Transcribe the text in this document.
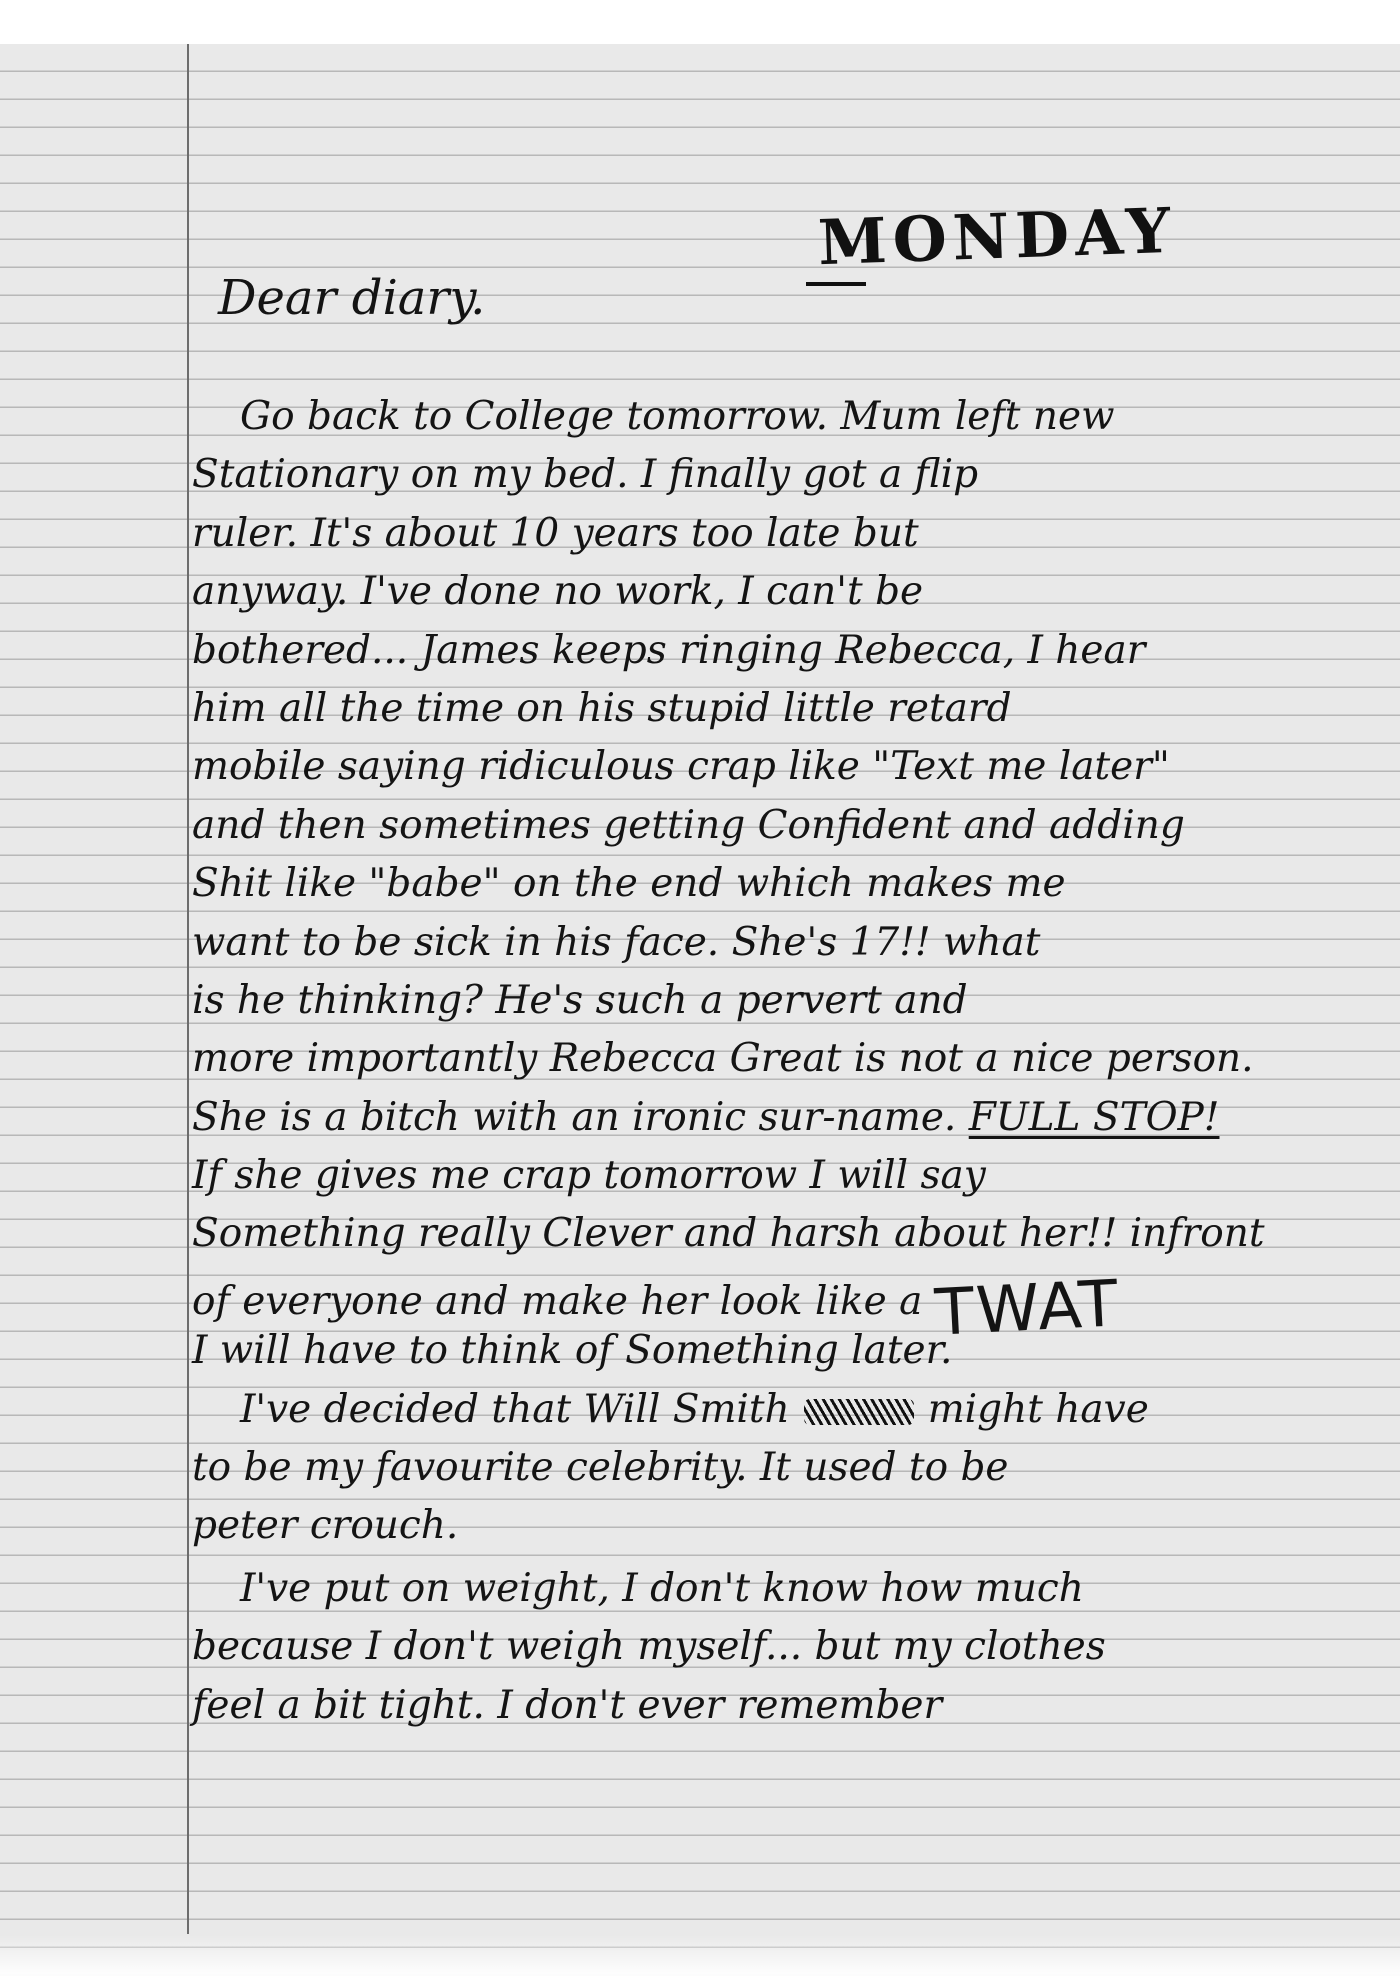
MONDAY
Dear diary.
Go back to College tomorrow. Mum left new
Stationary on my bed. I finally got a flip
ruler. It's about 10 years too late but
anyway. I've done no work, I can't be
bothered... James keeps ringing Rebecca, I hear
him all the time on his stupid little retard
mobile saying ridiculous crap like "Text me later"
and then sometimes getting Confident and adding
Shit like "babe" on the end which makes me
want to be sick in his face. She's 17!! what
is he thinking? He's such a pervert and
more importantly Rebecca Great is not a nice person.
She is a bitch with an ironic sur-name. FULL STOP!
If she gives me crap tomorrow I will say
Something really Clever and harsh about her!! infront
of everyone and make her look like a TWAT
I will have to think of Something later.
I've decided that Will Smith	might have
to be my favourite celebrity. It used to be
peter crouch.
I've put on weight, I don't know how much
because I don't weigh myself... but my clothes
feel a bit tight. I don't ever remember
